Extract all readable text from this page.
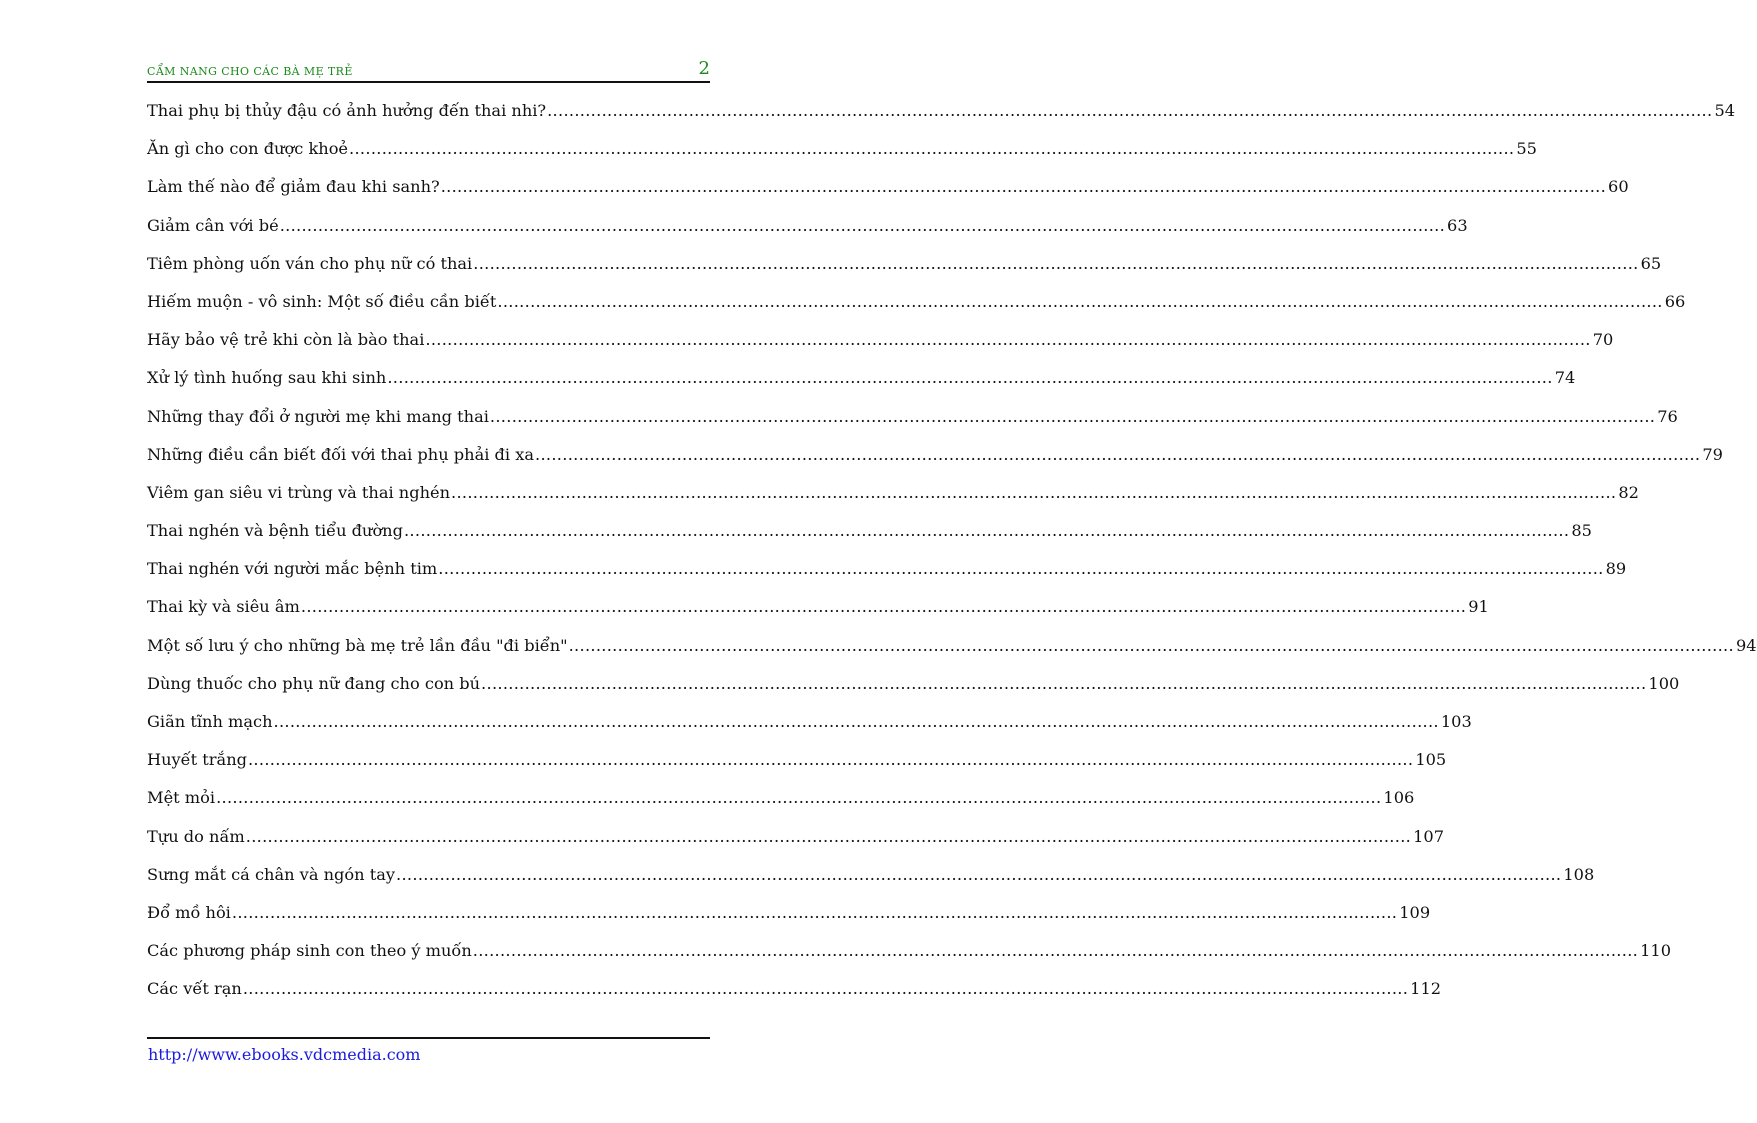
CẨM NANG CHO CÁC BÀ MẸ TRẺ	2
Thai phụ bị thủy đậu có ảnh hưởng đến thai nhi? .....	54
Ăn gì cho con được khoẻ .....	55
Làm thế nào để giảm đau khi sanh? .....	60
Giảm cân với bé .....	63
Tiêm phòng uốn ván cho phụ nữ có thai .....	65
Hiếm muộn - vô sinh: Một số điều cần biết .....	66
Hãy bảo vệ trẻ khi còn là bào thai .....	70
Xử lý tình huống sau khi sinh .....	74
Những thay đổi ở người mẹ khi mang thai .....	76
Những điều cần biết đối với thai phụ phải đi xa .....	79
Viêm gan siêu vi trùng và thai nghén .....	82
Thai nghén và bệnh tiểu đường .....	85
Thai nghén với người mắc bệnh tim .....	89
Thai kỳ và siêu âm .....	91
Một số lưu ý cho những bà mẹ trẻ lần đầu "đi biển" .....	94
Dùng thuốc cho phụ nữ đang cho con bú .....	100
Giãn tĩnh mạch .....	103
Huyết trắng .....	105
Mệt mỏi .....	106
Tựu do nấm .....	107
Sưng mắt cá chân và ngón tay .....	108
Đổ mồ hôi .....	109
Các phương pháp sinh con theo ý muốn .....	110
Các vết rạn .....	112
http://www.ebooks.vdcmedia.com
